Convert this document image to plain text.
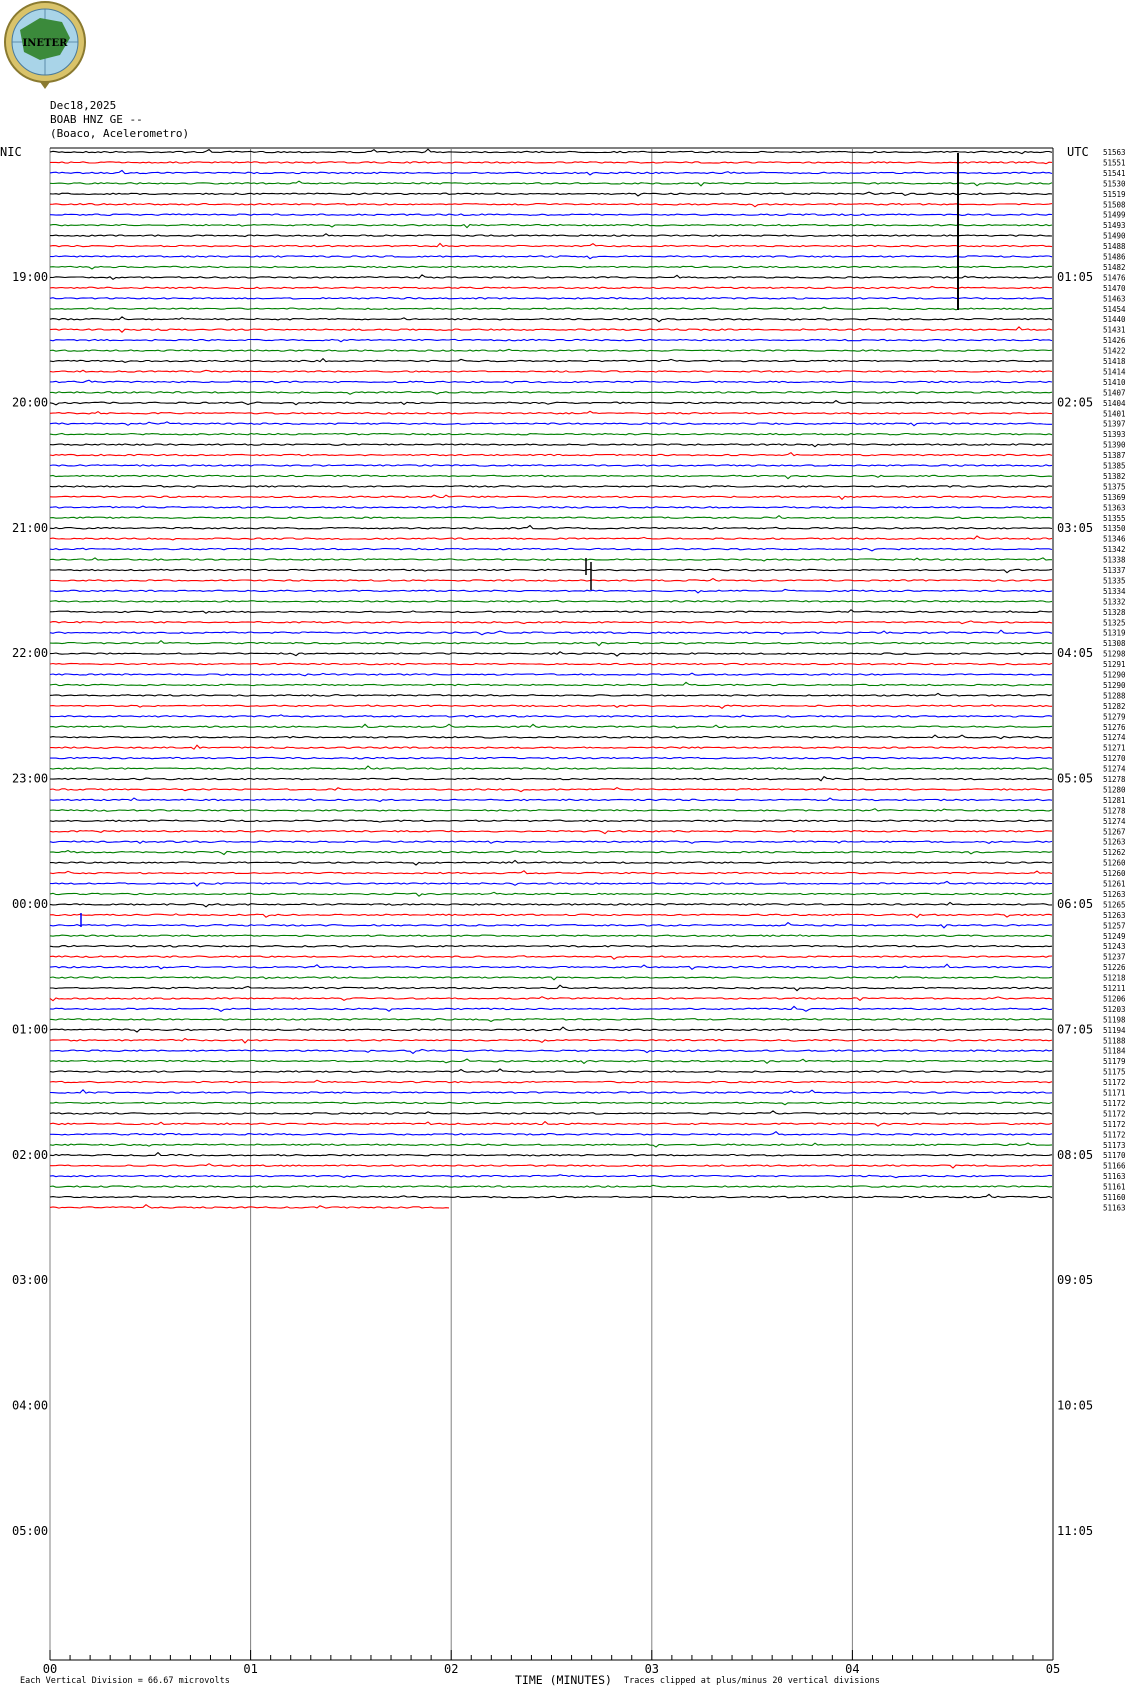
INETER
Dec18,2025
BOAB HNZ GE --
(Boaco, Acelerometro)
51563
51551
51541
51530
51519
51508
51499
51493
51490
51488
51486
51482
51476
51470
51463
51454
51440
51431
51426
51422
51418
51414
51410
51407
51404
51401
51397
51393
51390
51387
51385
51382
51375
51369
51363
51355
51350
51346
51342
51338
51337
51335
51334
51332
51328
51325
51319
51308
51298
51291
51290
51290
51288
51282
51279
51276
51274
51271
51270
51274
51278
51280
51281
51278
51274
51267
51263
51262
51260
51260
51261
51263
51265
51263
51257
51249
51243
51237
51226
51218
51211
51206
51203
51198
51194
51188
51184
51179
51175
51172
51171
51172
51172
51172
51172
51173
51170
51166
51163
51161
51160
51163
19:00
20:00
21:00
22:00
23:00
00:00
01:00
02:00
03:00
04:00
05:00
01:05
02:05
03:05
04:05
05:05
06:05
07:05
08:05
09:05
10:05
11:05
NIC	UTC
00	01	02	03	04	05
Each Vertical Division = 66.67 microvolts	TIME (MINUTES) Traces clipped at plus/minus 20 vertical divisions
